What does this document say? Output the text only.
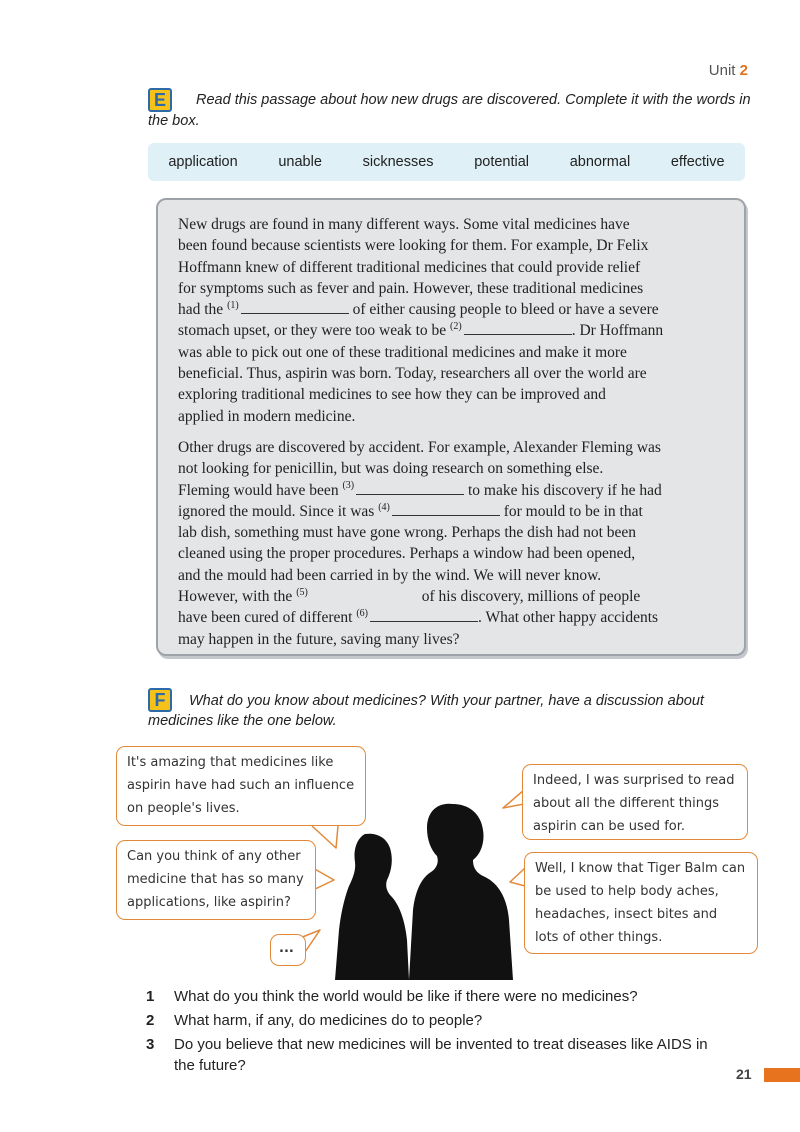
Unit 2
E	Read this passage about how new drugs are discovered. Complete it with the words in
the box.
application	unable	sicknesses	potential	abnormal	effective

New drugs are found in many different ways. Some vital medicines have
been found because scientists were looking for them. For example, Dr Felix
Hoffmann knew of different traditional medicines that could provide relief
for symptoms such as fever and pain. However, these traditional medicines
had the $^{(1)}$	of either causing people to bleed or have a severe
stomach upset, or they were too weak to be $^{(2)}$	. Dr Hoffmann
was able to pick out one of these traditional medicines and make it more
beneficial. Thus, aspirin was born. Today, researchers all over the world are
exploring traditional medicines to see how they can be improved and
applied in modern medicine.

Other drugs are discovered by accident. For example, Alexander Fleming was
not looking for penicillin, but was doing research on something else.
Fleming would have been $^{(3)}$	to make his discovery if he had
ignored the mould. Since it was $^{(4)}$	for mould to be in that
lab dish, something must have gone wrong. Perhaps the dish had not been
cleaned using the proper procedures. Perhaps a window had been opened,
and the mould had been carried in by the wind. We will never know.
However, with the $^{(5)}$	of his discovery, millions of people
have been cured of different $^{(6)}$	. What other happy accidents
may happen in the future, saving many lives?

F	What do you know about medicines? With your partner, have a discussion about
medicines like the one below.
It's amazing that medicines like
aspirin have had such an influence
on people's lives.
Can you think of any other
medicine that has so many
applications, like aspirin?
...
Indeed, I was surprised to read
about all the different things
aspirin can be used for.
Well, I know that Tiger Balm can
be used to help body aches,
headaches, insect bites and
lots of other things.
1	What do you think the world would be like if there were no medicines?
2	What harm, if any, do medicines do to people?
3	Do you believe that new medicines will be invented to treat diseases like AIDS in
the future?	21
